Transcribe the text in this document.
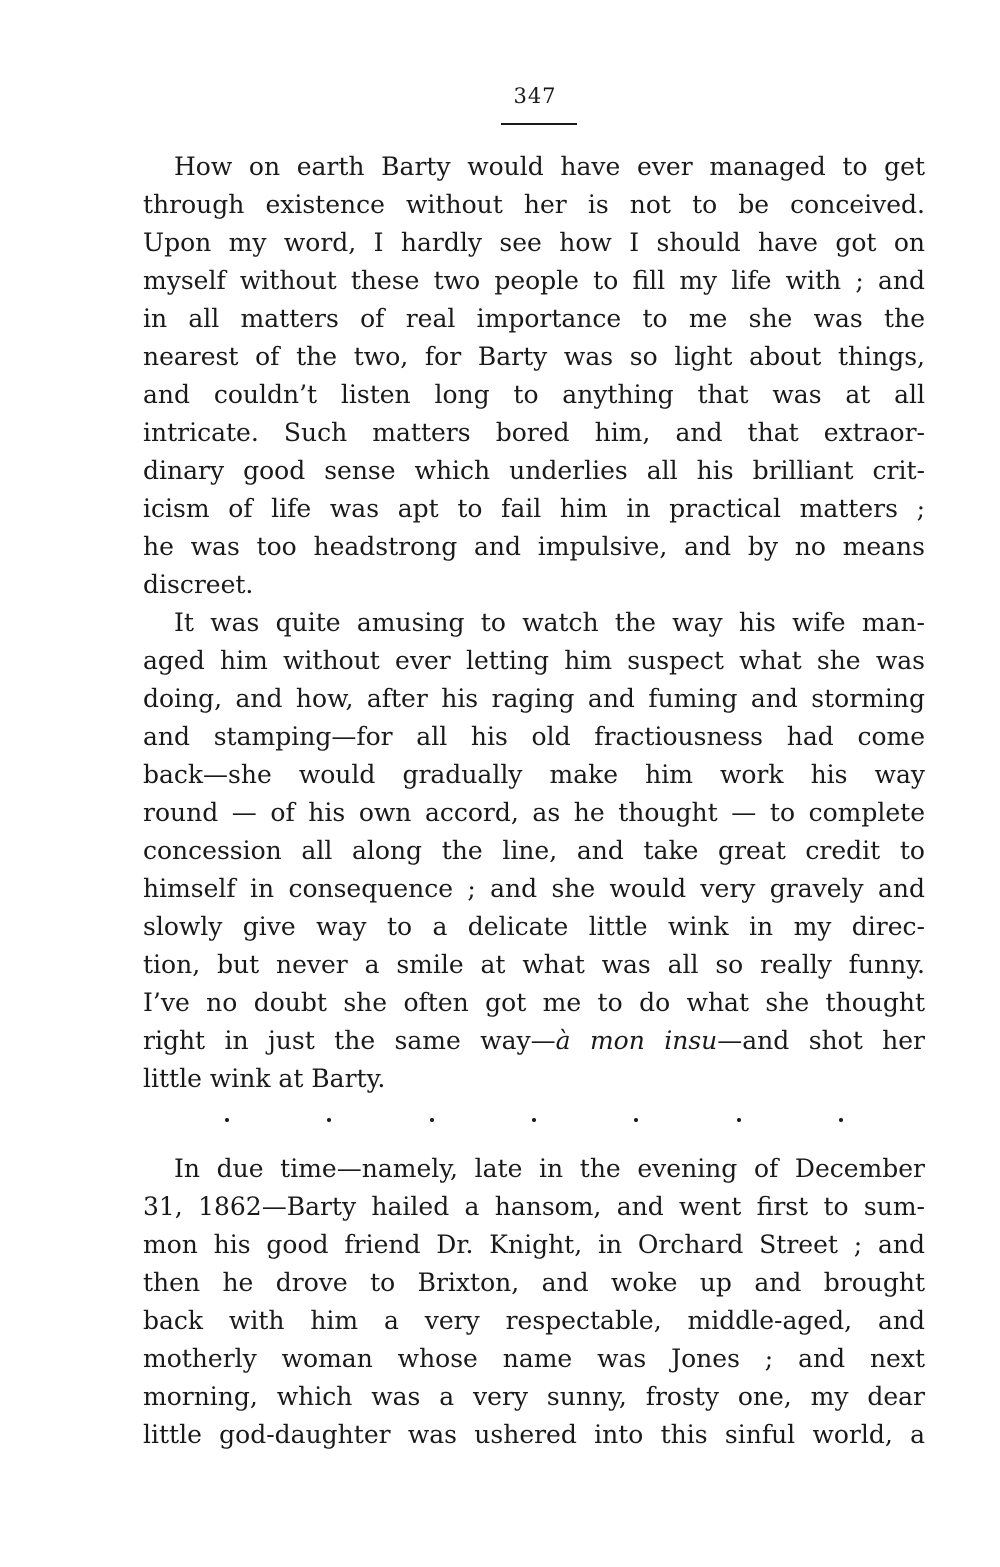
347
How on earth Barty would have ever managed to get
through existence without her is not to be conceived.
Upon my word, I hardly see how I should have got on
myself without these two people to fill my life with ; and
in all matters of real importance to me she was the
nearest of the two, for Barty was so light about things,
and couldn’t listen long to anything that was at all
intricate. Such matters bored him, and that extraor-
dinary good sense which underlies all his brilliant crit-
icism of life was apt to fail him in practical matters ;
he was too headstrong and impulsive, and by no means
discreet.
It was quite amusing to watch the way his wife man-
aged him without ever letting him suspect what she was
doing, and how, after his raging and fuming and storming
and stamping—for all his old fractiousness had come
back—she would gradually make him work his way
round — of his own accord, as he thought — to complete
concession all along the line, and take great credit to
himself in consequence ; and she would very gravely and
slowly give way to a delicate little wink in my direc-
tion, but never a smile at what was all so really funny.
I’ve no doubt she often got me to do what she thought
right in just the same way—à mon insu—and shot her
little wink at Barty.
In due time—namely, late in the evening of December
31, 1862—Barty hailed a hansom, and went first to sum-
mon his good friend Dr. Knight, in Orchard Street ; and
then he drove to Brixton, and woke up and brought
back with him a very respectable, middle-aged, and
motherly woman whose name was Jones ; and next
morning, which was a very sunny, frosty one, my dear
little god-daughter was ushered into this sinful world, a
